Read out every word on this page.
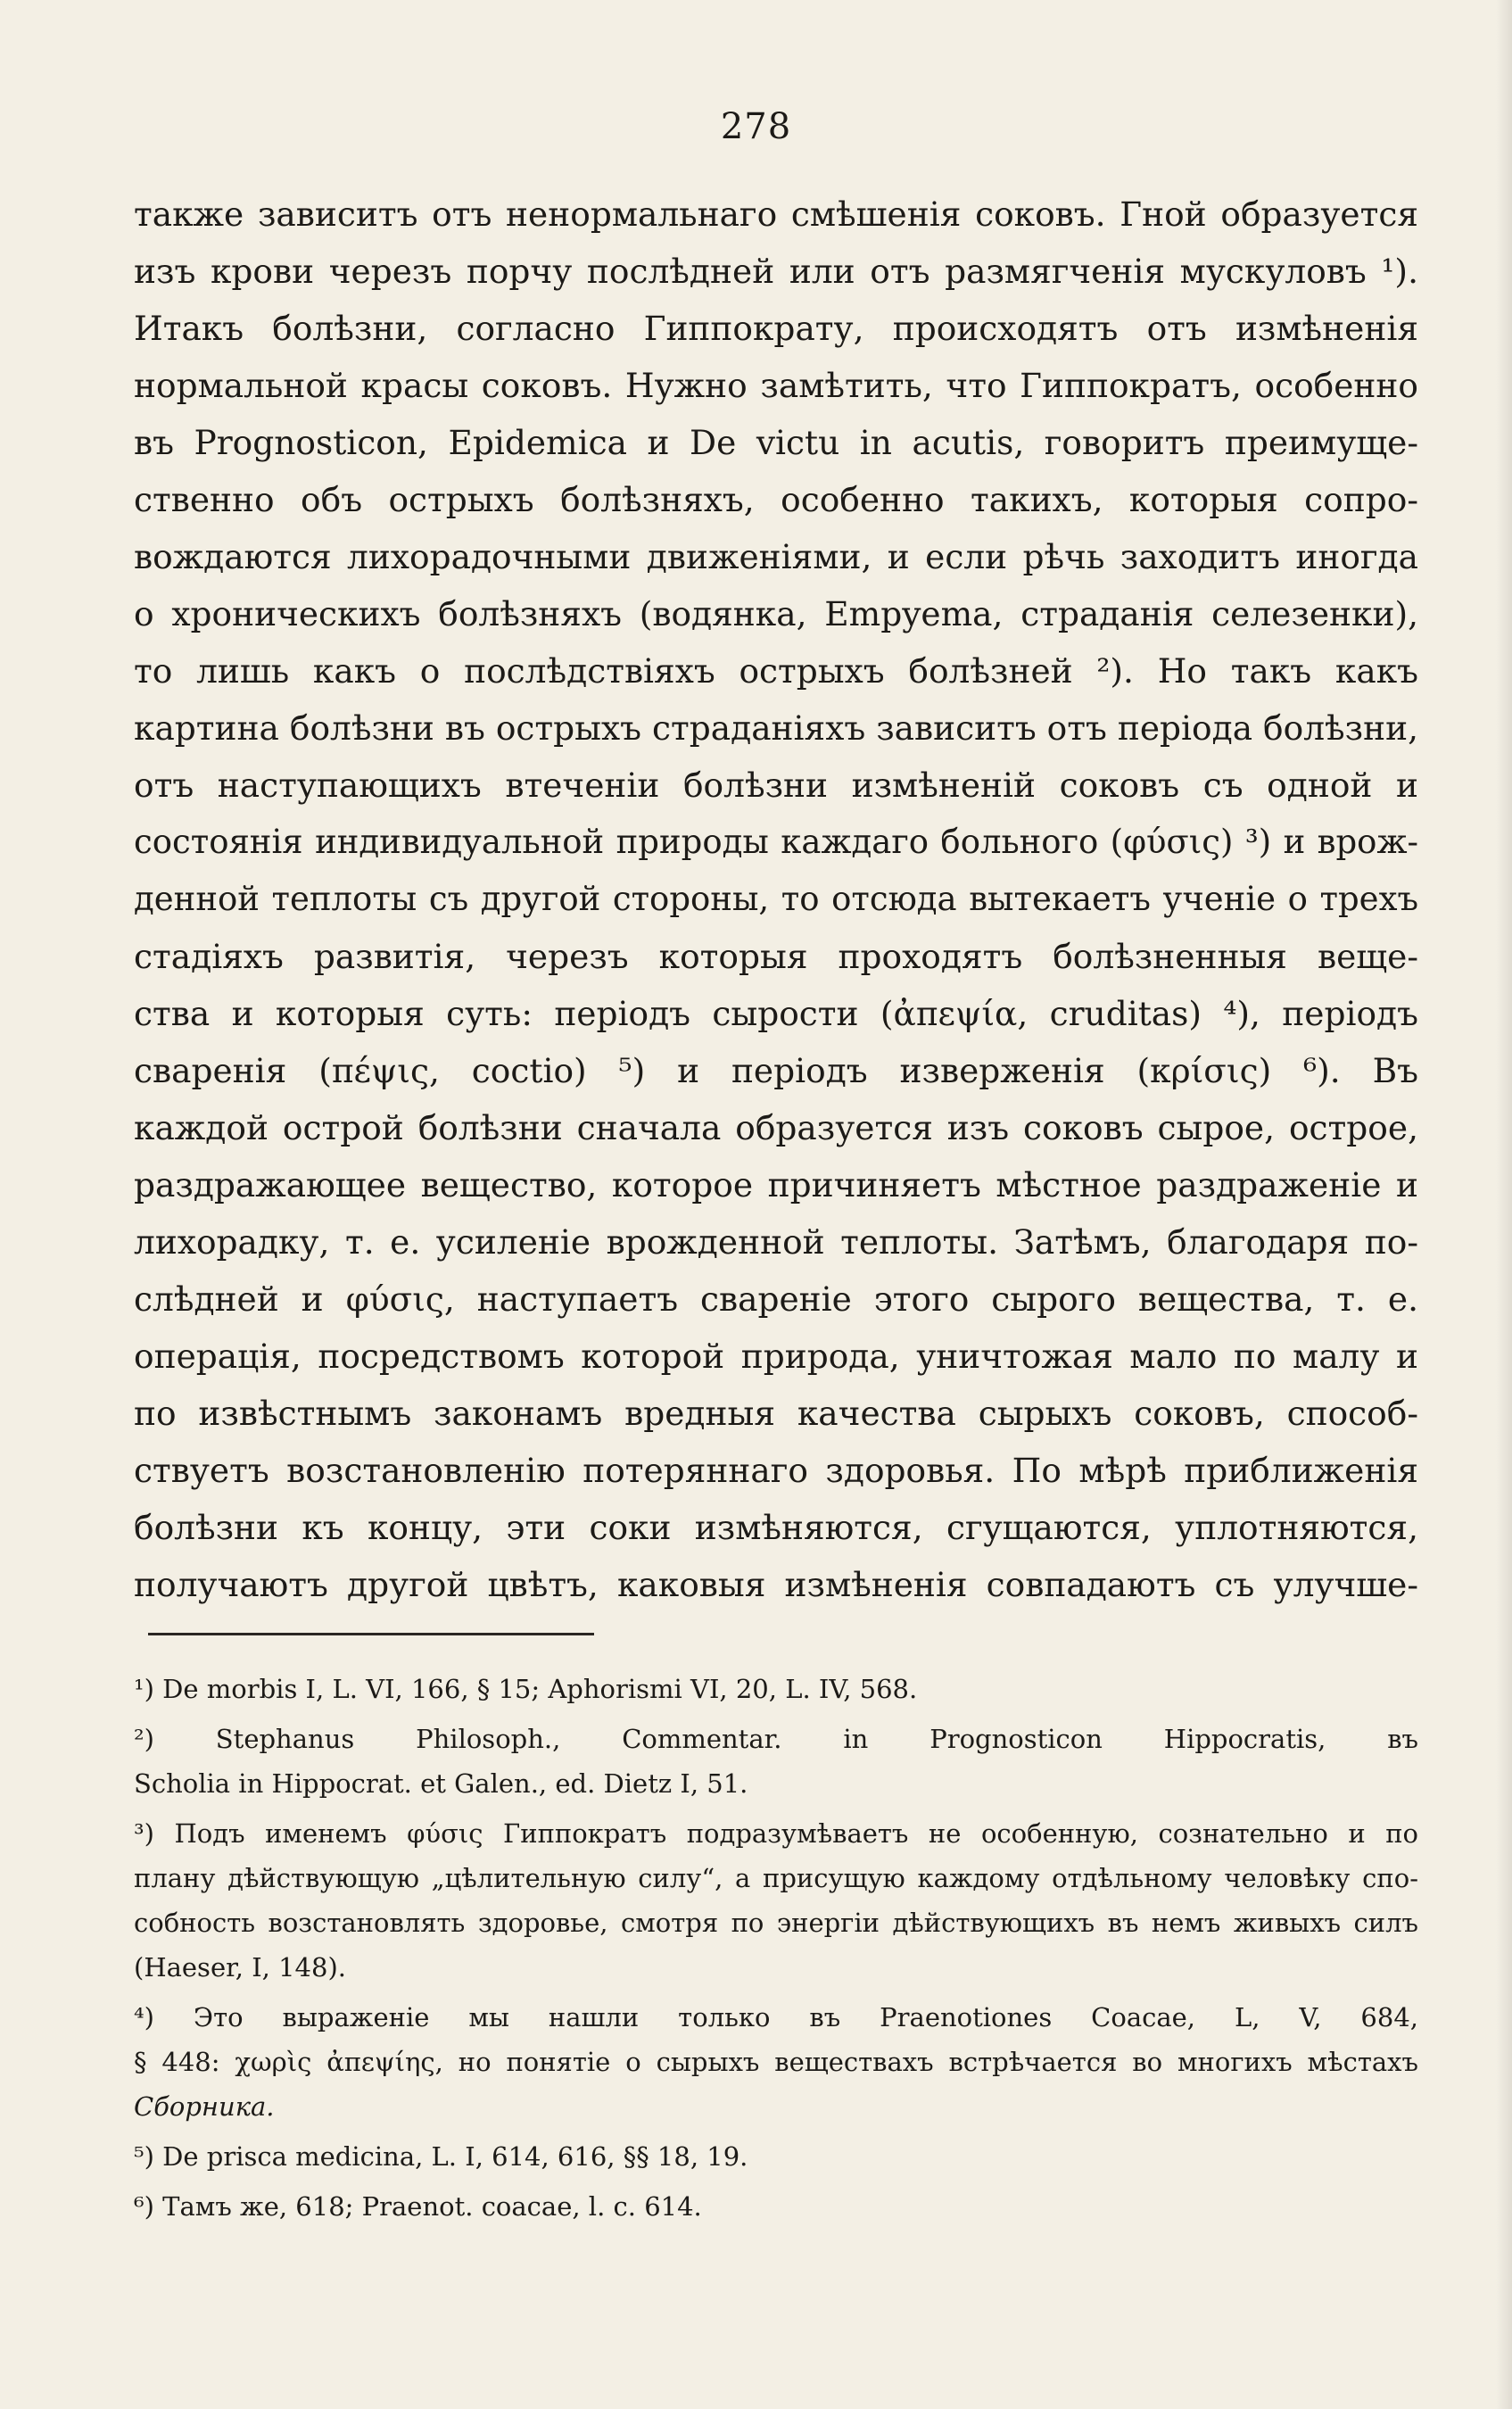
278
также зависитъ отъ ненормальнаго смѣшенія соковъ. Гной образуется
изъ крови черезъ порчу послѣдней или отъ размягченія мускуловъ ¹).
Итакъ болѣзни, согласно Гиппократу, происходятъ отъ измѣненія
нормальной красы соковъ. Нужно замѣтить, что Гиппократъ, особенно
въ Prognosticon, Epidemica и De victu in acutis, говоритъ преимуще-
ственно объ острыхъ болѣзняхъ, особенно такихъ, которыя сопро-
вождаются лихорадочными движеніями, и если рѣчь заходитъ иногда
о хроническихъ болѣзняхъ (водянка, Empyema, страданія селезенки),
то лишь какъ о послѣдствіяхъ острыхъ болѣзней ²). Но такъ какъ
картина болѣзни въ острыхъ страданіяхъ зависитъ отъ періода болѣзни,
отъ наступающихъ втеченіи болѣзни измѣненій соковъ съ одной и
состоянія индивидуальной природы каждаго больного (φύσις) ³) и врож-
денной теплоты съ другой стороны, то отсюда вытекаетъ ученіе о трехъ
стадіяхъ развитія, черезъ которыя проходятъ болѣзненныя веще-
ства и которыя суть: періодъ сырости (ἀπεψία, cruditas) ⁴), періодъ
сваренія (πέψις, coctio) ⁵) и періодъ изверженія (κρίσις) ⁶). Въ
каждой острой болѣзни сначала образуется изъ соковъ сырое, острое,
раздражающее вещество, которое причиняетъ мѣстное раздраженіе и
лихорадку, т. е. усиленіе врожденной теплоты. Затѣмъ, благодаря по-
слѣдней и φύσις, наступаетъ свареніе этого сырого вещества, т. е.
операція, посредствомъ которой природа, уничтожая мало по малу и
по извѣстнымъ законамъ вредныя качества сырыхъ соковъ, способ-
ствуетъ возстановленію потеряннаго здоровья. По мѣрѣ приближенія
болѣзни къ концу, эти соки измѣняются, сгущаются, уплотняются,
получаютъ другой цвѣтъ, каковыя измѣненія совпадаютъ съ улучше-
¹) De morbis I, L. VI, 166, § 15; Aphorismi VI, 20, L. IV, 568.
²) Stephanus Philosoph., Commentar. in Prognosticon Hippocratis, въ
Scholia in Hippocrat. et Galen., ed. Dietz I, 51.
³) Подъ именемъ φύσις Гиппократъ подразумѣваетъ не особенную, сознательно и по
плану дѣйствующую „цѣлительную силу“, а присущую каждому отдѣльному человѣку спо-
собность возстановлять здоровье, смотря по энергіи дѣйствующихъ въ немъ живыхъ силъ
(Haeser, I, 148).
⁴) Это выраженіе мы нашли только въ Praenotiones Coacae, L, V, 684,
§ 448: χωρὶς ἀπεψίης, но понятіе о сырыхъ веществахъ встрѣчается во многихъ мѣстахъ
Сборника.
⁵) De prisca medicina, L. I, 614, 616, §§ 18, 19.
⁶) Тамъ же, 618; Praenot. coacae, l. c. 614.
